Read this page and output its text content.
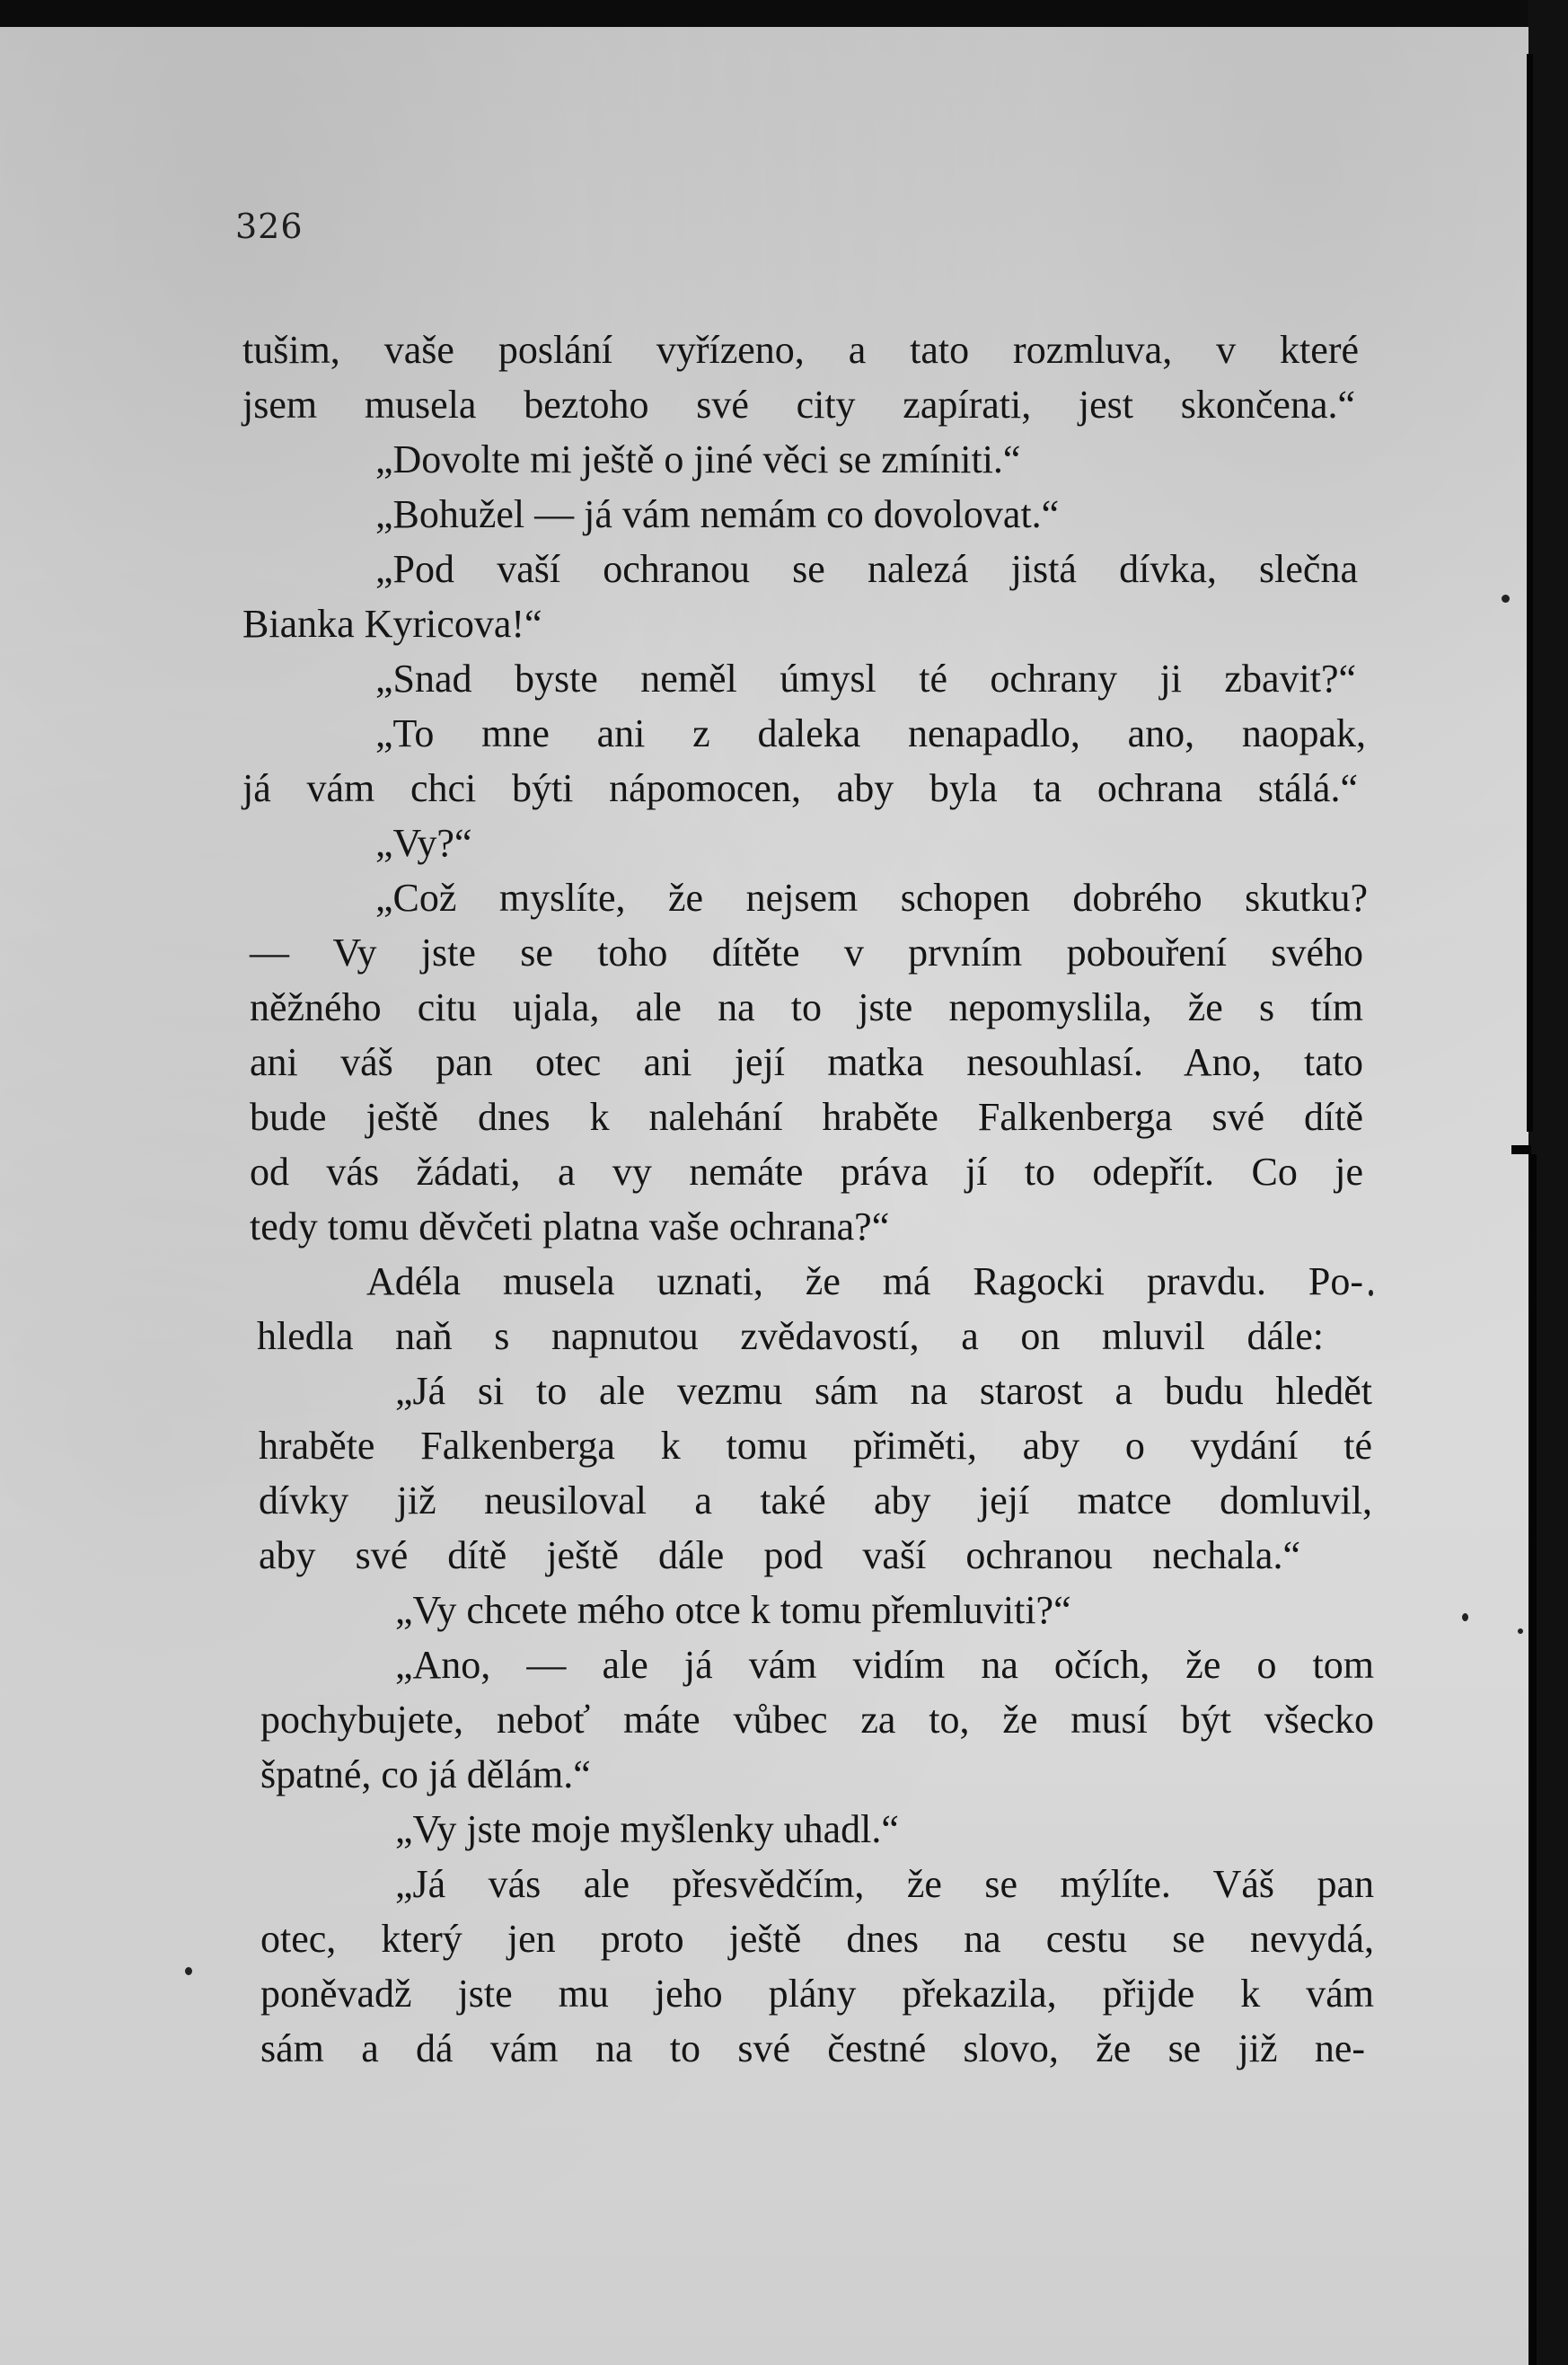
326
tušim, vaše poslání vyřízeno, a tato rozmluva, v které
jsem musela beztoho své city zapírati, jest skončena.“
„Dovolte mi ještě o jiné věci se zmíniti.“
„Bohužel — já vám nemám co dovolovat.“
„Pod vaší ochranou se nalezá jistá dívka, slečna
Bianka Kyricova!“
„Snad byste neměl úmysl té ochrany ji zbavit?“
„To mne ani z daleka nenapadlo, ano, naopak,
já vám chci býti nápomocen, aby byla ta ochrana stálá.“
„Vy?“
„Což myslíte, že nejsem schopen dobrého skutku?
— Vy jste se toho dítěte v prvním pobouření svého
něžného citu ujala, ale na to jste nepomyslila, že s tím
ani váš pan otec ani její matka nesouhlasí. Ano, tato
bude ještě dnes k nalehání hraběte Falkenberga své dítě
od vás žádati, a vy nemáte práva jí to odepřít. Co je
tedy tomu děvčeti platna vaše ochrana?“
Adéla musela uznati, že má Ragocki pravdu. Po-
hledla naň s napnutou zvědavostí, a on mluvil dále:
„Já si to ale vezmu sám na starost a budu hledět
hraběte Falkenberga k tomu přiměti, aby o vydání té
dívky již neusiloval a také aby její matce domluvil,
aby své dítě ještě dále pod vaší ochranou nechala.“
„Vy chcete mého otce k tomu přemluviti?“
„Ano, — ale já vám vidím na očích, že o tom
pochybujete, neboť máte vůbec za to, že musí být všecko
špatné, co já dělám.“
„Vy jste moje myšlenky uhadl.“
„Já vás ale přesvědčím, že se mýlíte. Váš pan
otec, který jen proto ještě dnes na cestu se nevydá,
poněvadž jste mu jeho plány překazila, přijde k vám
sám a dá vám na to své čestné slovo, že se již ne-
